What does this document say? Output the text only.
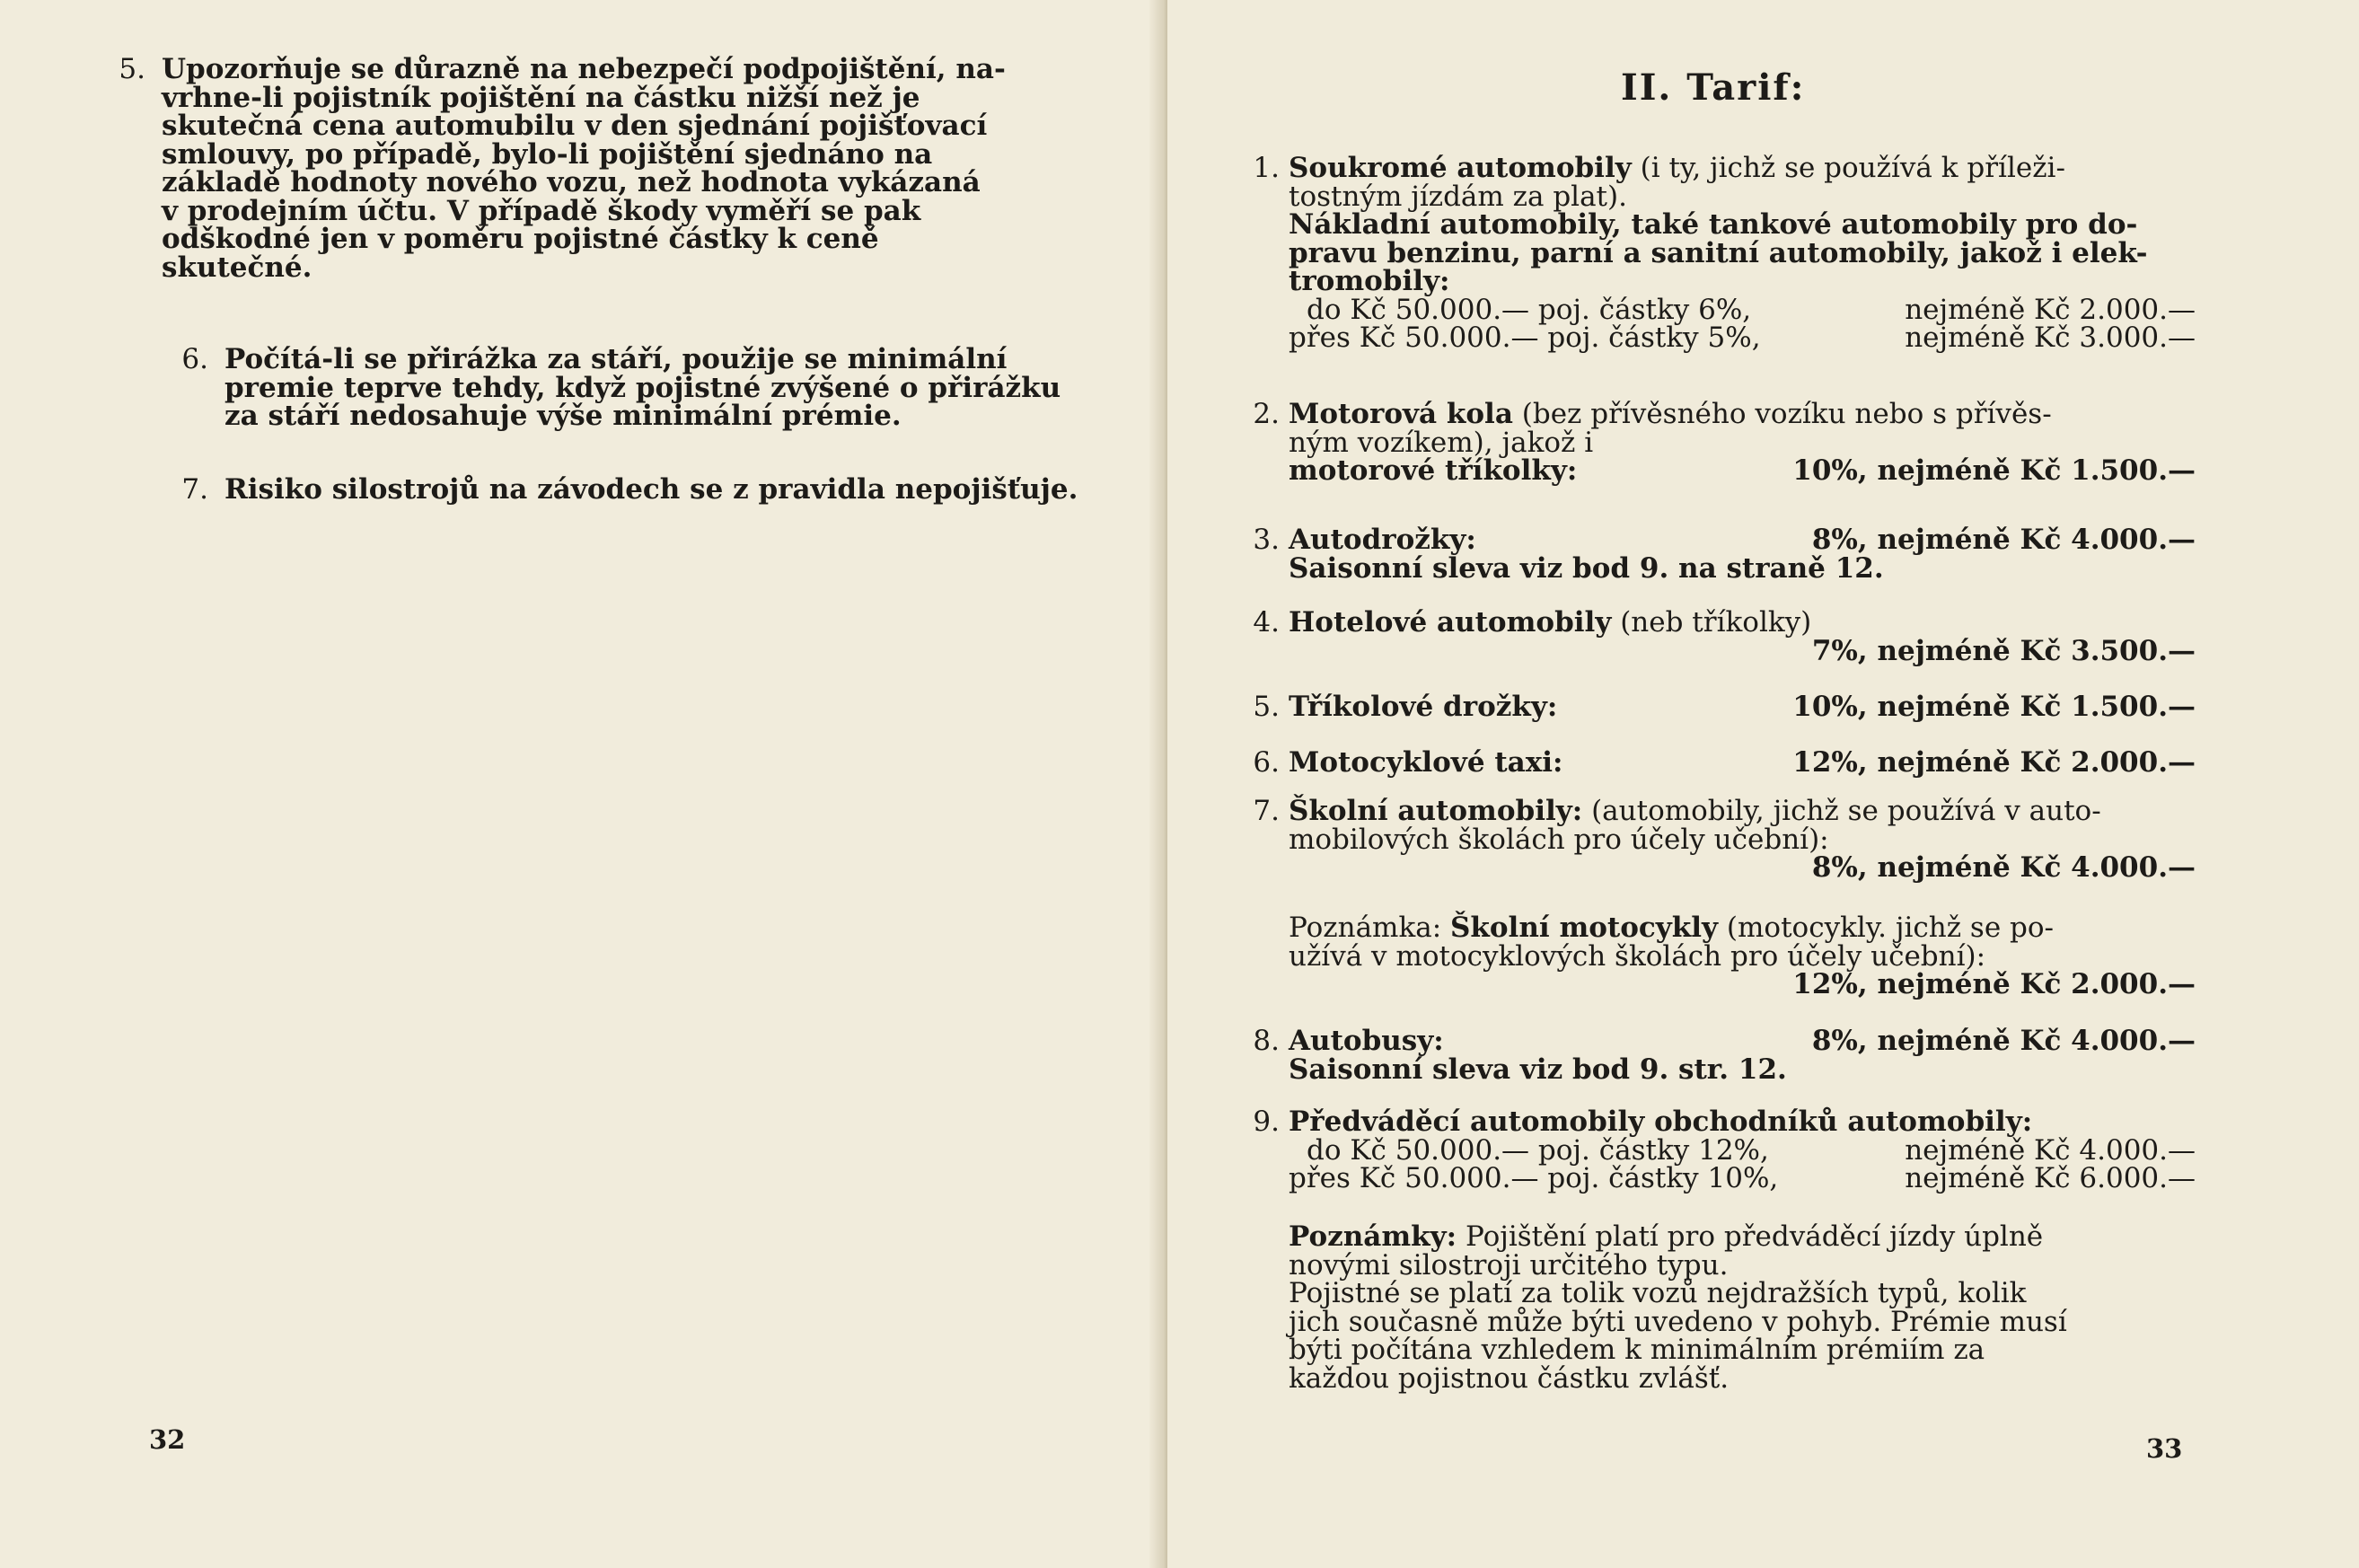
5. Upozorňuje se důrazně na nebezpečí podpojištění, na-
vrhne-li pojistník pojištění na částku nižší než je
skutečná cena automubilu v den sjednání pojišťovací
smlouvy, po případě, bylo-li pojištění sjednáno na
základě hodnoty nového vozu, než hodnota vykázaná
v prodejním účtu. V případě škody vyměří se pak
odškodné jen v poměru pojistné částky k ceně
skutečné.
6. Počítá-li se přirážka za stáří, použije se minimální
premie teprve tehdy, když pojistné zvýšené o přirážku
za stáří nedosahuje výše minimální prémie.
7. Risiko silostrojů na závodech se z pravidla nepojišťuje.
32
II. Tarif:
1. Soukromé automobily (i ty, jichž se používá k příleži-
tostným jízdám za plat).
Nákladní automobily, také tankové automobily pro do-
pravu benzinu, parní a sanitní automobily, jakož i elek-
tromobily:
do Kč 50.000.— poj. částky 6%,	nejméně Kč 2.000.—
přes Kč 50.000.— poj. částky 5%,	nejméně Kč 3.000.—
2. Motorová kola (bez přívěsného vozíku nebo s přívěs-
ným vozíkem), jakož i
motorové tříkolky:	10%, nejméně Kč 1.500.—
3. Autodrožky:	8%, nejméně Kč 4.000.—
Saisonní sleva viz bod 9. na straně 12.
4. Hotelové automobily (neb tříkolky)
7%, nejméně Kč 3.500.—
5. Tříkolové drožky:	10%, nejméně Kč 1.500.—
6. Motocyklové taxi:	12%, nejméně Kč 2.000.—
7. Školní automobily: (automobily, jichž se používá v auto-
mobilových školách pro účely učební):
8%, nejméně Kč 4.000.—
Poznámka: Školní motocykly (motocykly. jichž se po-
užívá v motocyklových školách pro účely učební):
12%, nejméně Kč 2.000.—
8. Autobusy:	8%, nejméně Kč 4.000.—
Saisonní sleva viz bod 9. str. 12.
9. Předváděcí automobily obchodníků automobily:
do Kč 50.000.— poj. částky 12%,	nejméně Kč 4.000.—
přes Kč 50.000.— poj. částky 10%,	nejméně Kč 6.000.—
Poznámky: Pojištění platí pro předváděcí jízdy úplně
novými silostroji určitého typu.
Pojistné se platí za tolik vozů nejdražších typů, kolik
jich současně může býti uvedeno v pohyb. Prémie musí
býti počítána vzhledem k minimálním prémiím za
každou pojistnou částku zvlášť.
33
